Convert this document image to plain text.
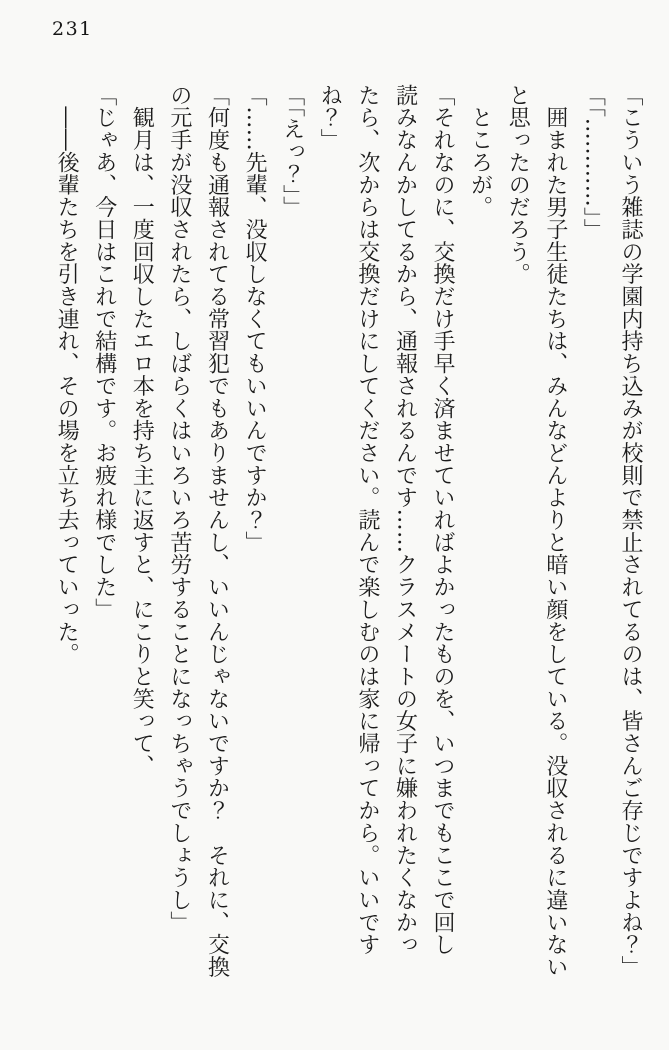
231

「こういう雑誌の学園内持ち込みが校則で禁止されてるのは、皆さんご存じですよね？」

「「…………」」

　囲まれた男子生徒たちは、みんなどんよりと暗い顔をしている。没収されるに違いない

と思ったのだろう。

　ところが。

「それなのに、交換だけ手早く済ませていればよかったものを、いつまでもここで回し

読みなんかしてるから、通報されるんです……クラスメートの女子に嫌われたくなかっ

たら、次からは交換だけにしてください。読んで楽しむのは家に帰ってから。いいです

ね？」

「「えっ？」」

「……先輩、没収しなくてもいいんですか？」

「何度も通報されてる常習犯でもありませんし、いいんじゃないですか？　それに、交換

の元手が没収されたら、しばらくはいろいろ苦労することになっちゃうでしょうし」

　観月は、一度回収したエロ本を持ち主に返すと、にこりと笑って、

「じゃあ、今日はこれで結構です。お疲れ様でした」

　――後輩たちを引き連れ、その場を立ち去っていった。
